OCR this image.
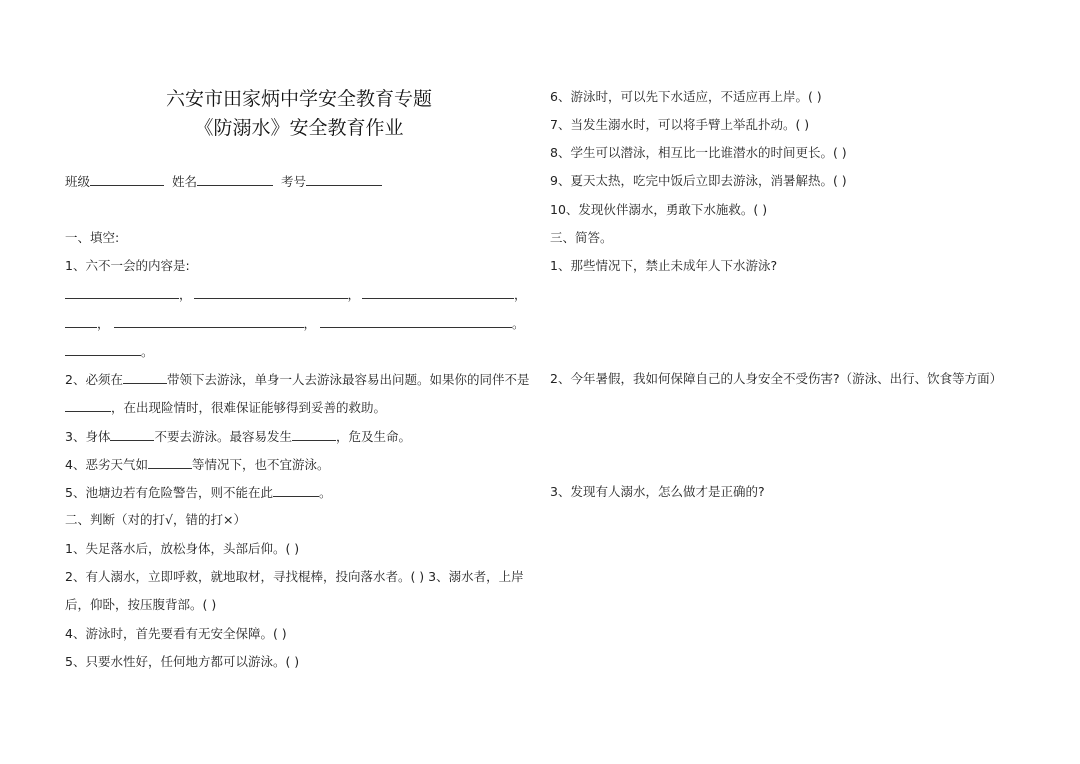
六安市田家炳中学安全教育专题
《防溺水》安全教育作业
班级	姓名	考号
一、填空:
1、六不一会的内容是:
，	，	，
，	，	。
。
2、必须在	带领下去游泳，单身一人去游泳最容易出问题。如果你的同伴不是
，在出现险情时，很难保证能够得到妥善的救助。
3、身体	不要去游泳。最容易发生	，危及生命。
4、恶劣天气如	等情况下，也不宜游泳。
5、池塘边若有危险警告，则不能在此	。
二、判断（对的打√，错的打×）
1、失足落水后，放松身体，头部后仰。( )
2、有人溺水，立即呼救，就地取材，寻找棍棒，投向落水者。( ) 3、溺水者，上岸
后，仰卧，按压腹背部。( )
4、游泳时，首先要看有无安全保障。( )
5、只要水性好，任何地方都可以游泳。( )
6、游泳时，可以先下水适应，不适应再上岸。( )
7、当发生溺水时，可以将手臂上举乱扑动。( )
8、学生可以潜泳，相互比一比谁潜水的时间更长。( )
9、夏天太热，吃完中饭后立即去游泳，消暑解热。( )
10、发现伙伴溺水，勇敢下水施救。( )
三、简答。
1、那些情况下，禁止未成年人下水游泳?
2、今年暑假，我如何保障自己的人身安全不受伤害?（游泳、出行、饮食等方面）
3、发现有人溺水，怎么做才是正确的?
